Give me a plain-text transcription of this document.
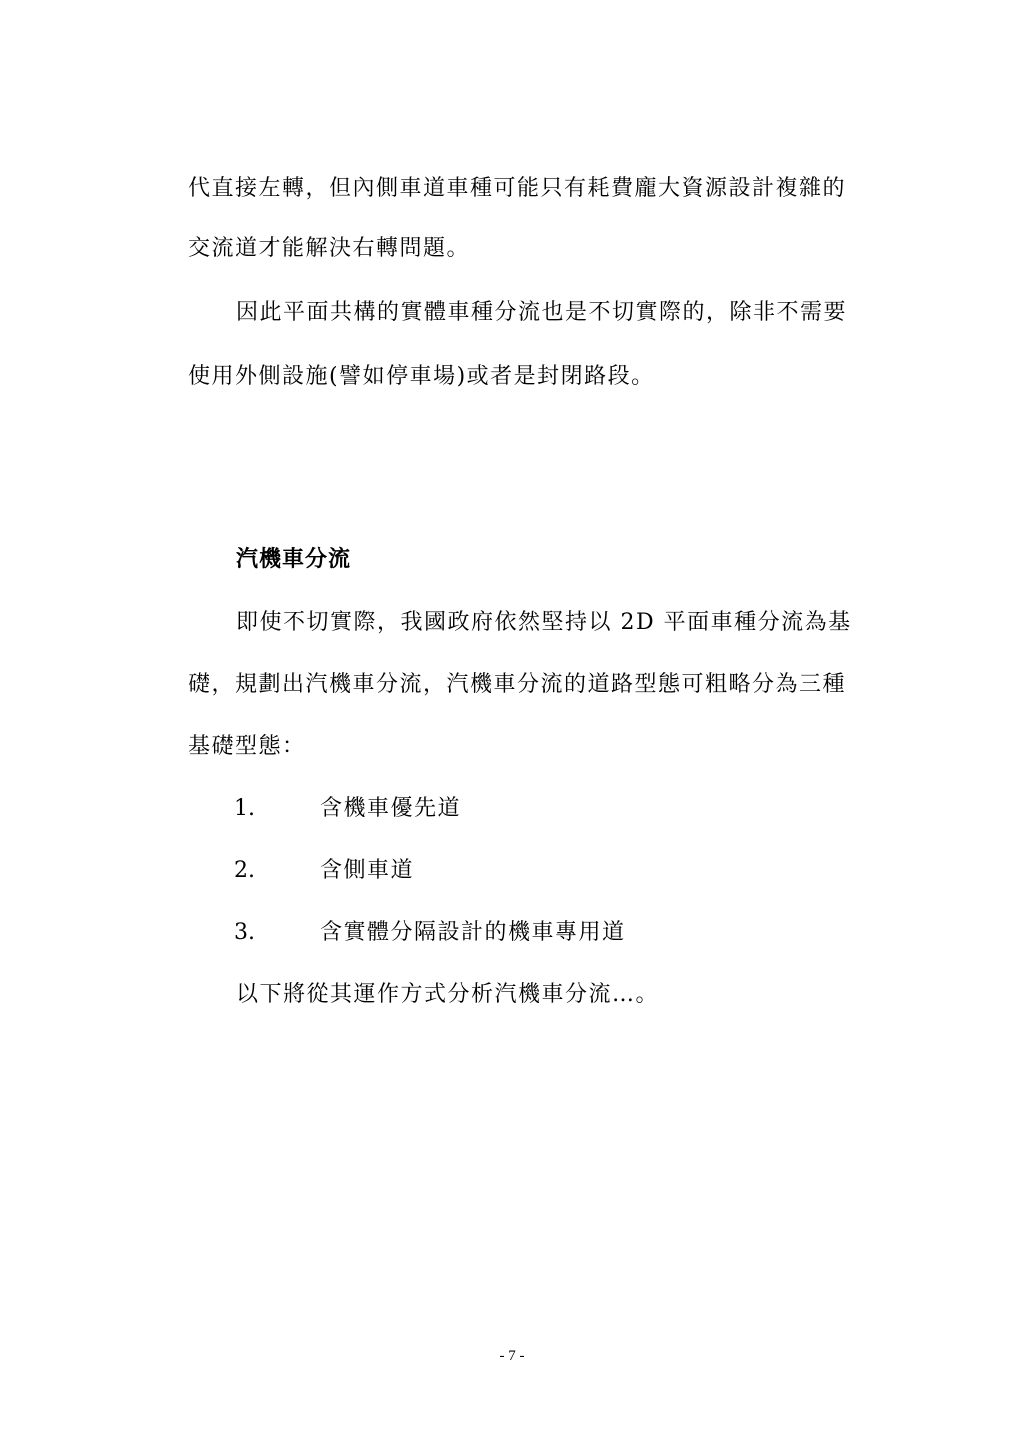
代直接左轉，但內側車道車種可能只有耗費龐大資源設計複雜的
交流道才能解決右轉問題。
因此平面共構的實體車種分流也是不切實際的，除非不需要
使用外側設施(譬如停車場)或者是封閉路段。
汽機車分流
即使不切實際，我國政府依然堅持以 2D 平面車種分流為基
礎，規劃出汽機車分流，汽機車分流的道路型態可粗略分為三種
基礎型態：
1.	含機車優先道
2.	含側車道
3.	含實體分隔設計的機車專用道
以下將從其運作方式分析汽機車分流…。
- 7 -
